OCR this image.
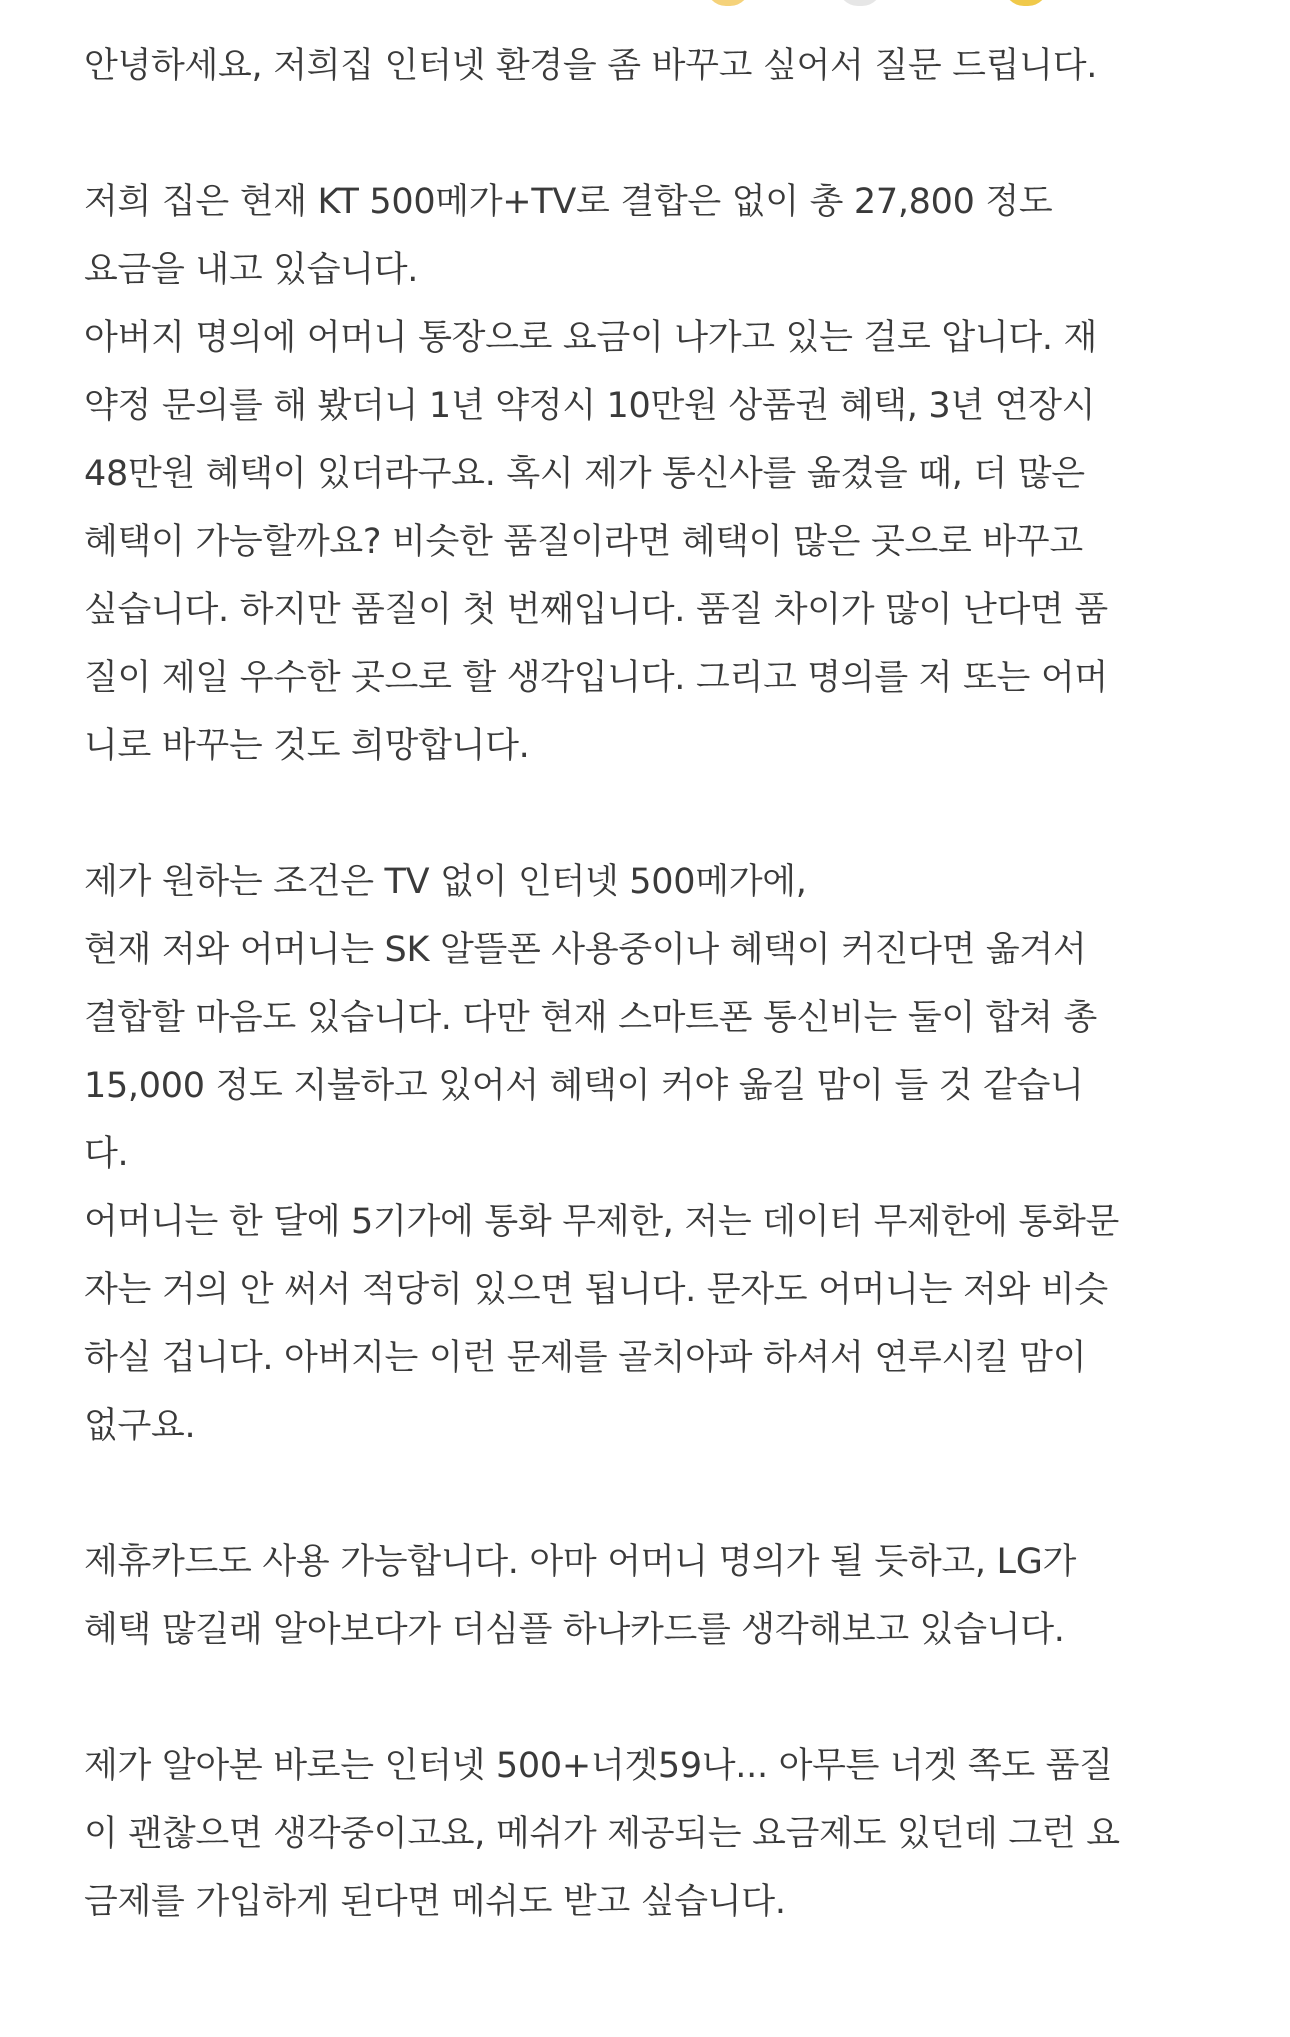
안녕하세요, 저희집 인터넷 환경을 좀 바꾸고 싶어서 질문 드립니다.
저희 집은 현재 KT 500메가+TV로 결합은 없이 총 27,800 정도
요금을 내고 있습니다.
아버지 명의에 어머니 통장으로 요금이 나가고 있는 걸로 압니다. 재
약정 문의를 해 봤더니 1년 약정시 10만원 상품권 혜택, 3년 연장시
48만원 혜택이 있더라구요. 혹시 제가 통신사를 옮겼을 때, 더 많은
혜택이 가능할까요? 비슷한 품질이라면 혜택이 많은 곳으로 바꾸고
싶습니다. 하지만 품질이 첫 번째입니다. 품질 차이가 많이 난다면 품
질이 제일 우수한 곳으로 할 생각입니다. 그리고 명의를 저 또는 어머
니로 바꾸는 것도 희망합니다.
제가 원하는 조건은 TV 없이 인터넷 500메가에,
현재 저와 어머니는 SK 알뜰폰 사용중이나 혜택이 커진다면 옮겨서
결합할 마음도 있습니다. 다만 현재 스마트폰 통신비는 둘이 합쳐 총
15,000 정도 지불하고 있어서 혜택이 커야 옮길 맘이 들 것 같습니
다.
어머니는 한 달에 5기가에 통화 무제한, 저는 데이터 무제한에 통화문
자는 거의 안 써서 적당히 있으면 됩니다. 문자도 어머니는 저와 비슷
하실 겁니다. 아버지는 이런 문제를 골치아파 하셔서 연루시킬 맘이
없구요.
제휴카드도 사용 가능합니다. 아마 어머니 명의가 될 듯하고, LG가
혜택 많길래 알아보다가 더심플 하나카드를 생각해보고 있습니다.
제가 알아본 바로는 인터넷 500+너겟59나... 아무튼 너겟 쪽도 품질
이 괜찮으면 생각중이고요, 메쉬가 제공되는 요금제도 있던데 그런 요
금제를 가입하게 된다면 메쉬도 받고 싶습니다.
